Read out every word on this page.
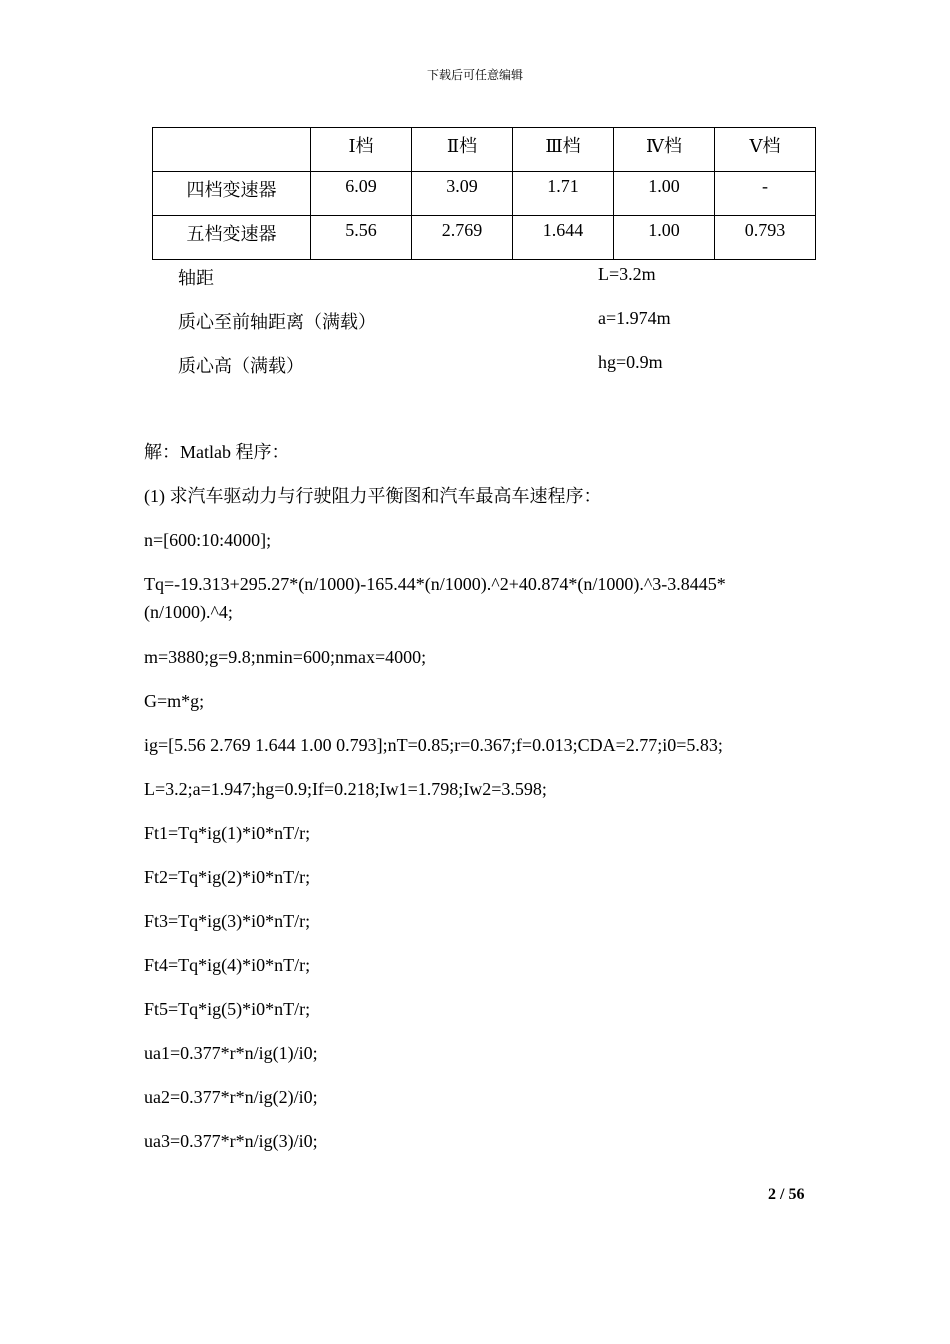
下载后可任意编辑
	Ⅰ档	Ⅱ档	Ⅲ档	Ⅳ档	Ⅴ档
四档变速器	6.09	3.09	1.71	1.00	-
五档变速器	5.56	2.769	1.644	1.00	0.793
轴距	L=3.2m
质心至前轴距离（满载）	a=1.974m
质心高（满载）	hg=0.9m
解：Matlab 程序：
(1) 求汽车驱动力与行驶阻力平衡图和汽车最高车速程序：
n=[600:10:4000];
Tq=-19.313+295.27*(n/1000)-165.44*(n/1000).^2+40.874*(n/1000).^3-3.8445*(n/1000).^4;
m=3880;g=9.8;nmin=600;nmax=4000;
G=m*g;
ig=[5.56 2.769 1.644 1.00 0.793];nT=0.85;r=0.367;f=0.013;CDA=2.77;i0=5.83;
L=3.2;a=1.947;hg=0.9;If=0.218;Iw1=1.798;Iw2=3.598;
Ft1=Tq*ig(1)*i0*nT/r;
Ft2=Tq*ig(2)*i0*nT/r;
Ft3=Tq*ig(3)*i0*nT/r;
Ft4=Tq*ig(4)*i0*nT/r;
Ft5=Tq*ig(5)*i0*nT/r;
ua1=0.377*r*n/ig(1)/i0;
ua2=0.377*r*n/ig(2)/i0;
ua3=0.377*r*n/ig(3)/i0;
2 / 56
